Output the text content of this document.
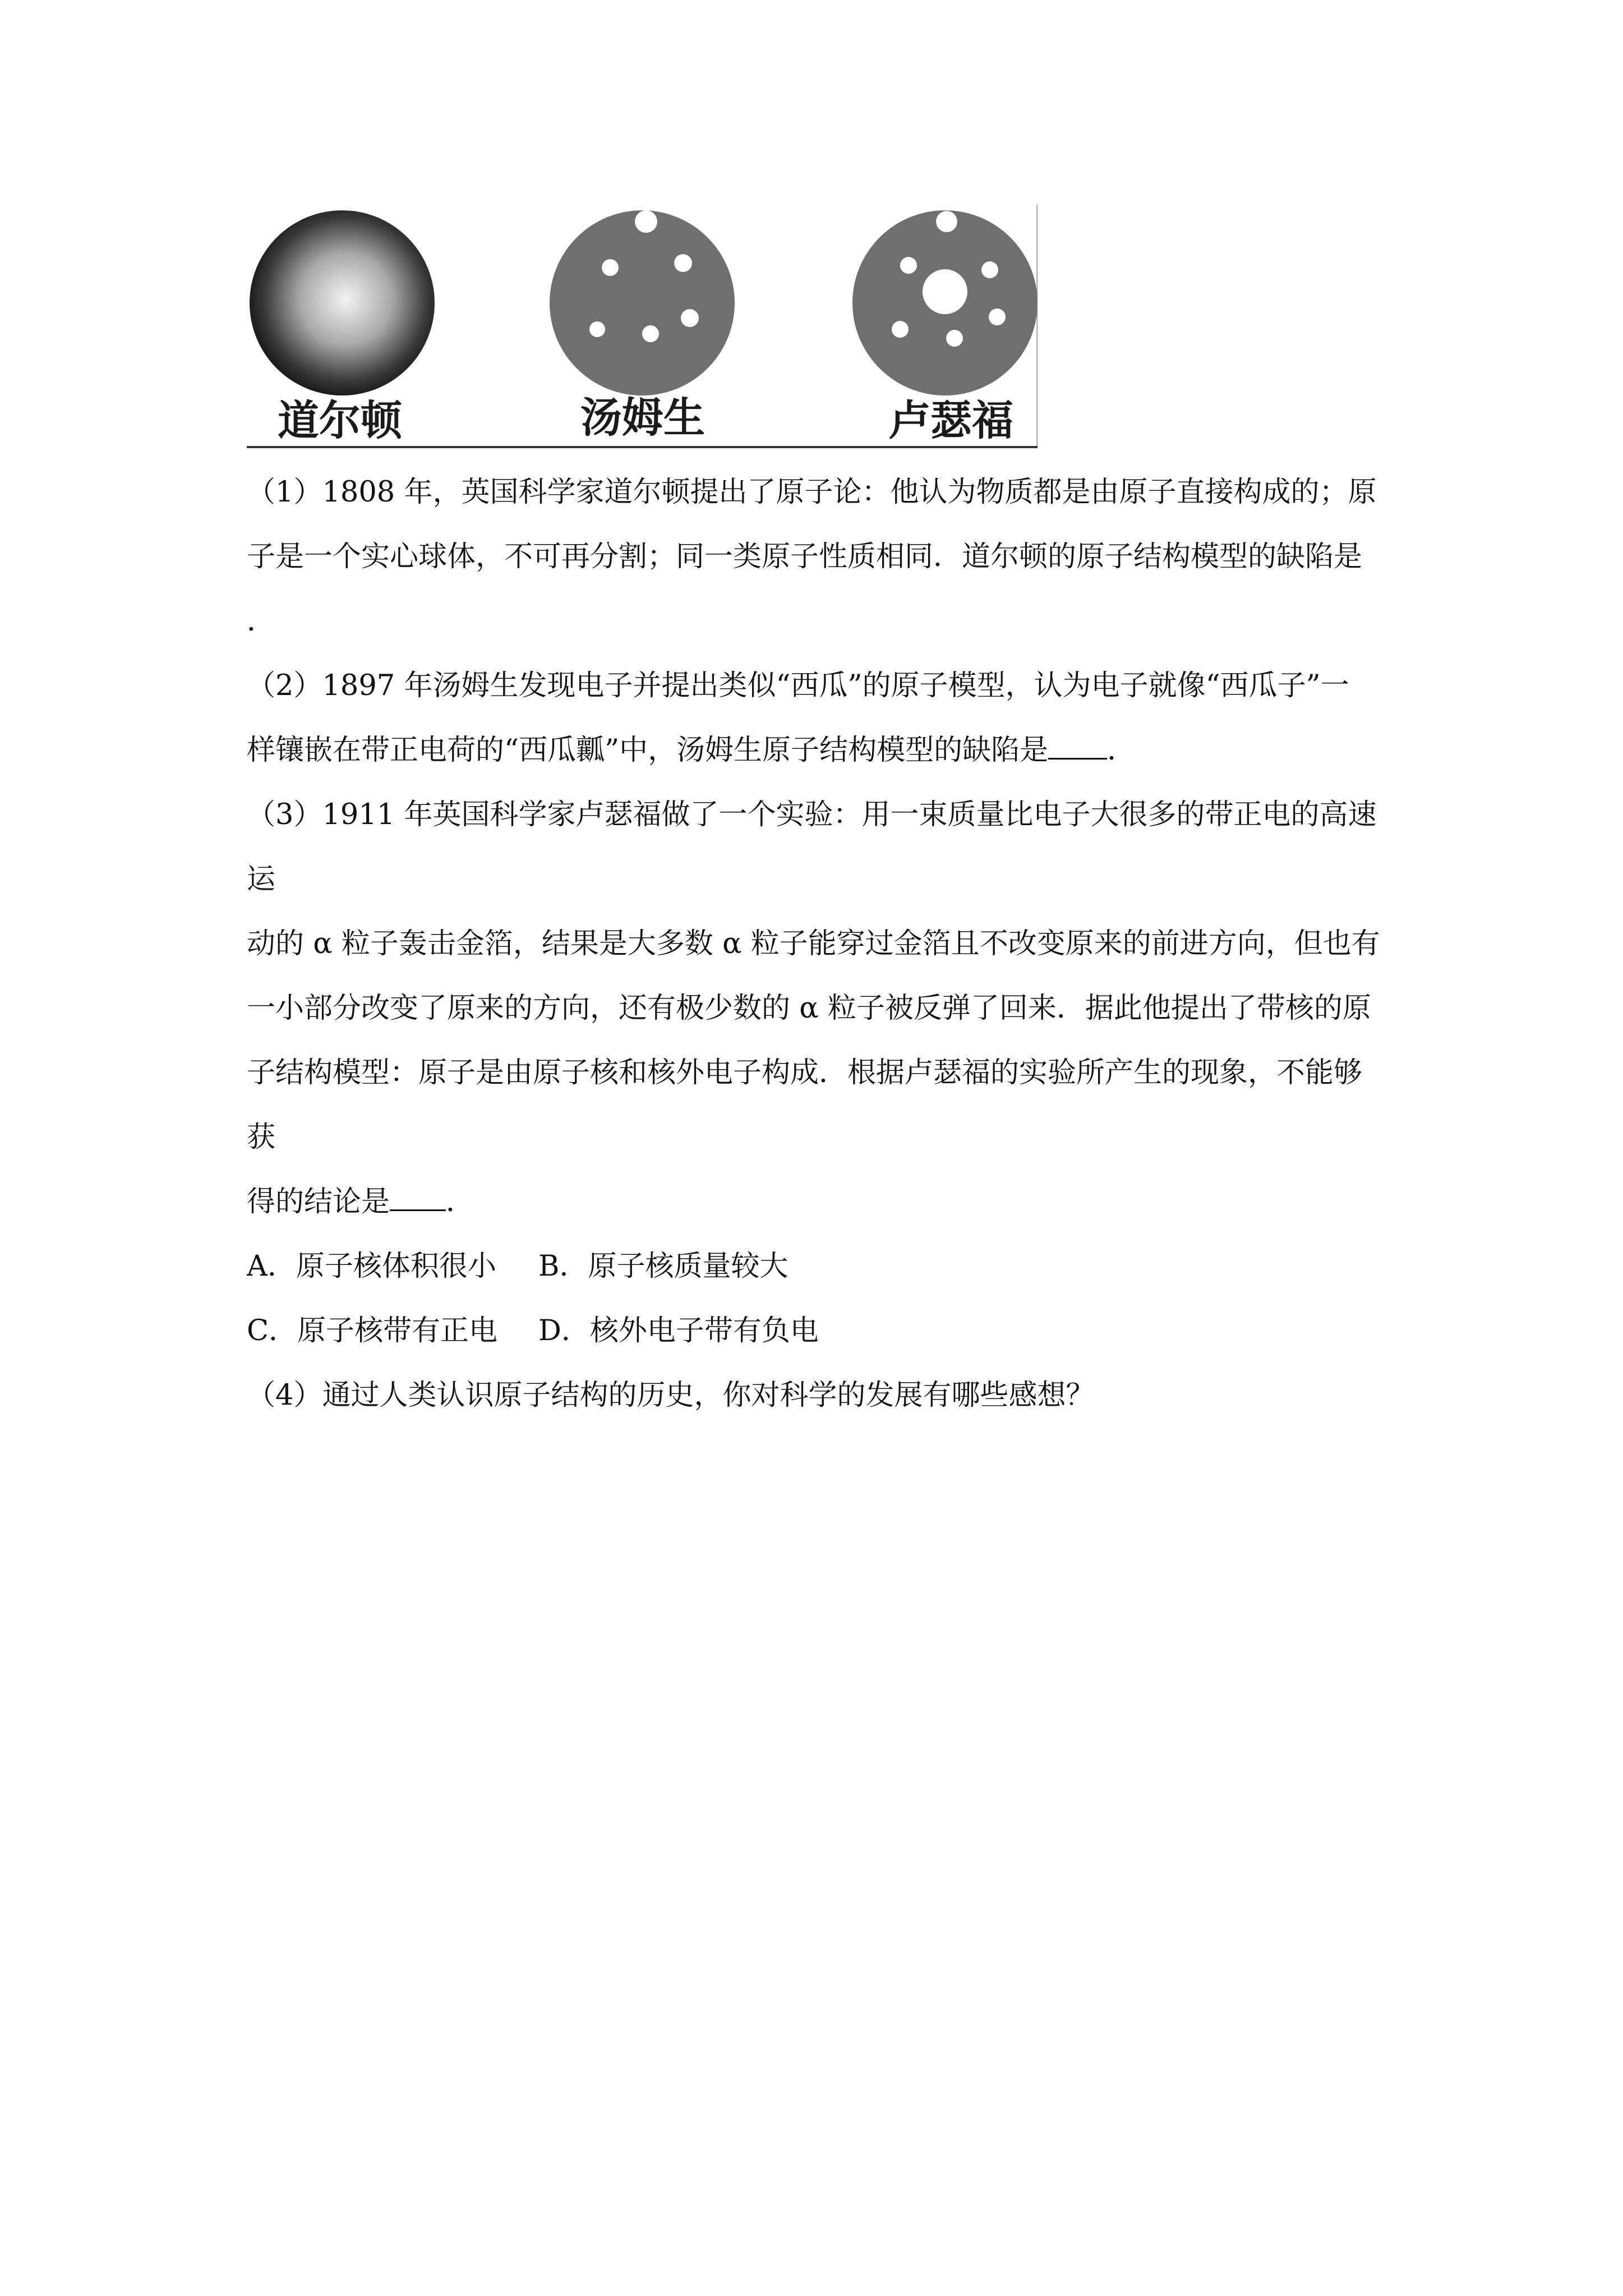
道尔顿	汤姆生	卢瑟福

（1）1808 年，英国科学家道尔顿提出了原子论：他认为物质都是由原子直接构成的；原

子是一个实心球体，不可再分割；同一类原子性质相同．道尔顿的原子结构模型的缺陷是

．

（2）1897 年汤姆生发现电子并提出类似“西瓜”的原子模型，认为电子就像“西瓜子”一

样镶嵌在带正电荷的“西瓜瓤”中，汤姆生原子结构模型的缺陷是 ．

（3）1911 年英国科学家卢瑟福做了一个实验：用一束质量比电子大很多的带正电的高速运

动的 α 粒子轰击金箔，结果是大多数 α 粒子能穿过金箔且不改变原来的前进方向，但也有

一小部分改变了原来的方向，还有极少数的 α 粒子被反弹了回来．据此他提出了带核的原

子结构模型：原子是由原子核和核外电子构成．根据卢瑟福的实验所产生的现象，不能够获

得的结论是 ．

A．原子核体积很小 B．原子核质量较大

C．原子核带有正电 D．核外电子带有负电

（4）通过人类认识原子结构的历史，你对科学的发展有哪些感想？
